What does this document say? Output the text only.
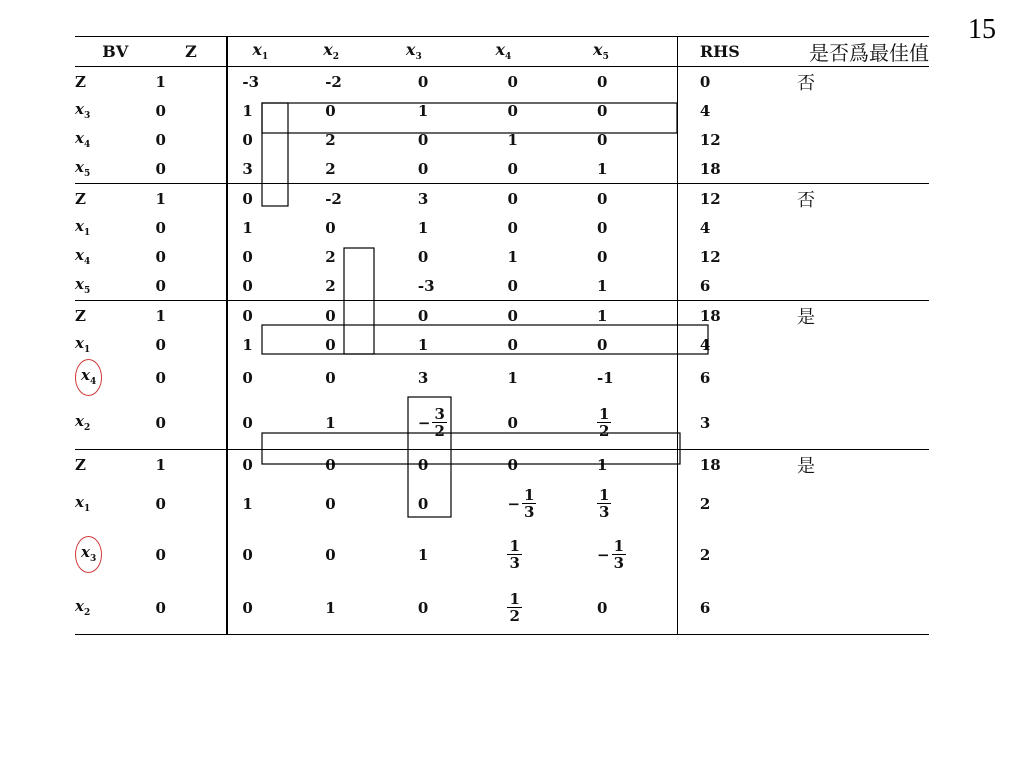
15
BV	Z	$x_1$	$x_2$	$x_3$	$x_4$	$x_5$	RHS	是否爲最佳值
Z	1	-3	-2	0	0	0	0	否
$x_3$	0	1	0	1	0	0	4	
$x_4$	0	0	2	0	1	0	12	
$x_5$	0	3	2	0	0	1	18	
Z	1	0	-2	3	0	0	12	否
$x_1$	0	1	0	1	0	0	4	
$x_4$	0	0	2	0	1	0	12	
$x_5$	0	0	2	-3	0	1	6	
Z	1	0	0	0	0	1	18	是
$x_1$	0	1	0	1	0	0	4	
$x_4$	0	0	0	3	1	-1	6	
$x_2$	0	0	1	− $\frac{3}{2}$	0	$\frac{1}{2}$	3	
Z	1	0	0	0	0	1	18	是
$x_1$	0	1	0	0	− $\frac{1}{3}$	$\frac{1}{3}$	2	
$x_3$	0	0	0	1	$\frac{1}{3}$	− $\frac{1}{3}$	2	
$x_2$	0	0	1	0	$\frac{1}{2}$	0	6	
